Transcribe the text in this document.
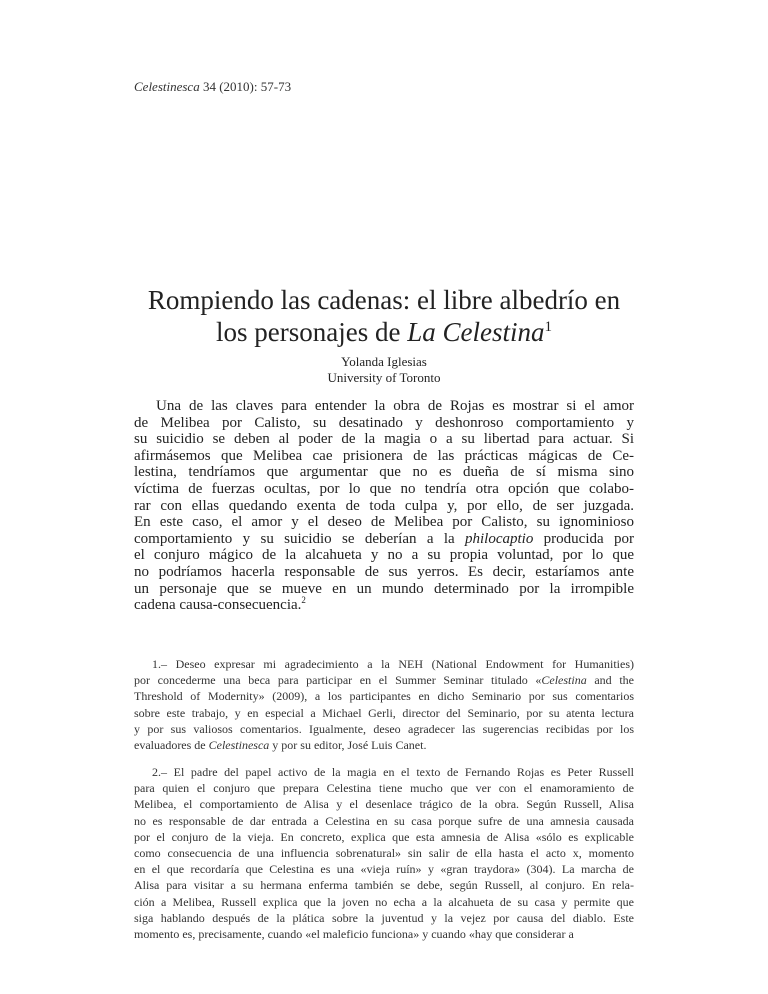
Celestinesca 34 (2010): 57-73
Rompiendo las cadenas: el libre albedrío en
los personajes de La Celestina$^1$
Yolanda Iglesias
University of Toronto
Una de las claves para entender la obra de Rojas es mostrar si el amor
de Melibea por Calisto, su desatinado y deshonroso comportamiento y
su suicidio se deben al poder de la magia o a su libertad para actuar. Si
afirmásemos que Melibea cae prisionera de las prácticas mágicas de Ce-
lestina, tendríamos que argumentar que no es dueña de sí misma sino
víctima de fuerzas ocultas, por lo que no tendría otra opción que colabo-
rar con ellas quedando exenta de toda culpa y, por ello, de ser juzgada.
En este caso, el amor y el deseo de Melibea por Calisto, su ignominioso
comportamiento y su suicidio se deberían a la philocaptio producida por
el conjuro mágico de la alcahueta y no a su propia voluntad, por lo que
no podríamos hacerla responsable de sus yerros. Es decir, estaríamos ante
un personaje que se mueve en un mundo determinado por la irrompible
cadena causa-consecuencia.$^2$
1.– Deseo expresar mi agradecimiento a la NEH (National Endowment for Humanities)
por concederme una beca para participar en el Summer Seminar titulado «Celestina and the
Threshold of Modernity» (2009), a los participantes en dicho Seminario por sus comentarios
sobre este trabajo, y en especial a Michael Gerli, director del Seminario, por su atenta lectura
y por sus valiosos comentarios. Igualmente, deseo agradecer las sugerencias recibidas por los
evaluadores de Celestinesca y por su editor, José Luis Canet.
2.– El padre del papel activo de la magia en el texto de Fernando Rojas es Peter Russell
para quien el conjuro que prepara Celestina tiene mucho que ver con el enamoramiento de
Melibea, el comportamiento de Alisa y el desenlace trágico de la obra. Según Russell, Alisa
no es responsable de dar entrada a Celestina en su casa porque sufre de una amnesia causada
por el conjuro de la vieja. En concreto, explica que esta amnesia de Alisa «sólo es explicable
como consecuencia de una influencia sobrenatural» sin salir de ella hasta el acto x, momento
en el que recordaría que Celestina es una «vieja ruín» y «gran traydora» (304). La marcha de
Alisa para visitar a su hermana enferma también se debe, según Russell, al conjuro. En rela-
ción a Melibea, Russell explica que la joven no echa a la alcahueta de su casa y permite que
siga hablando después de la plática sobre la juventud y la vejez por causa del diablo. Este
momento es, precisamente, cuando «el maleficio funciona» y cuando «hay que considerar a
